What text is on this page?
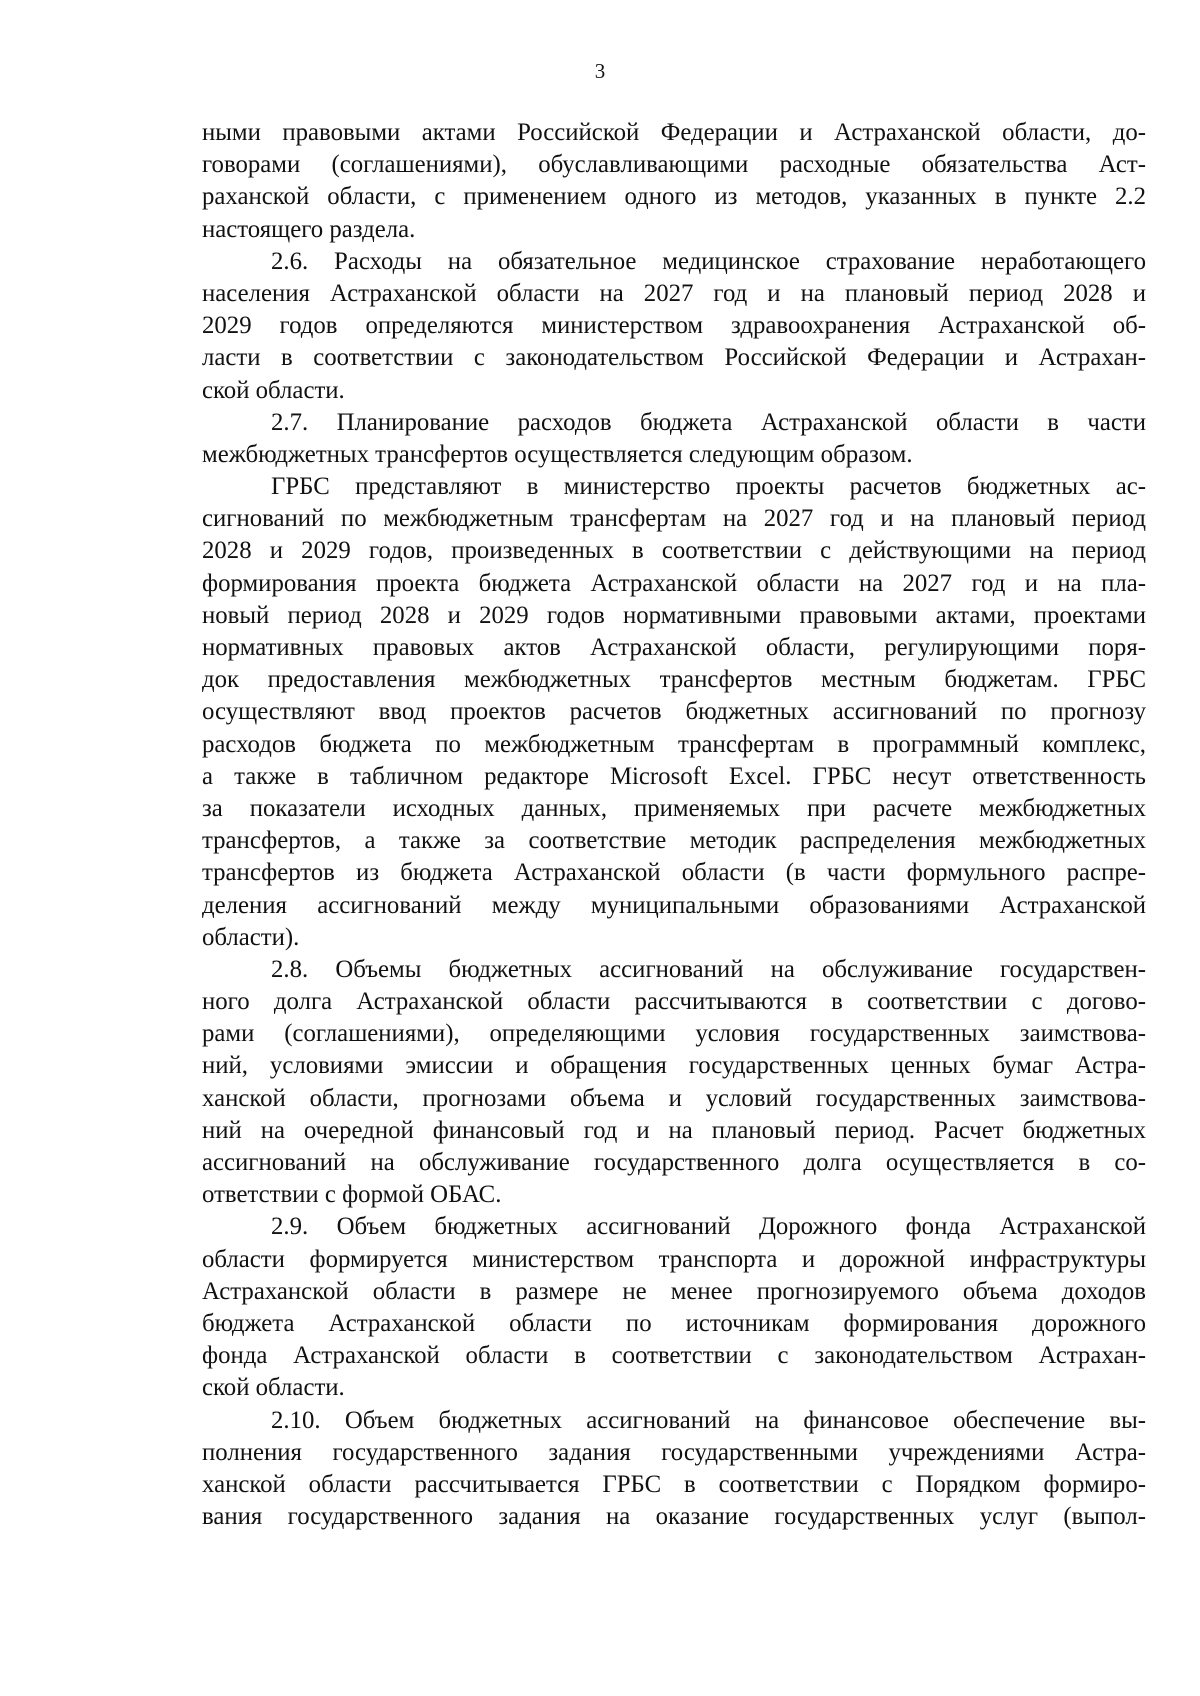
3
ными правовыми актами Российской Федерации и Астраханской области, до-
говорами (соглашениями), обуславливающими расходные обязательства Аст-
раханской области, с применением одного из методов, указанных в пункте 2.2
настоящего раздела.
2.6. Расходы на обязательное медицинское страхование неработающего
населения Астраханской области на 2027 год и на плановый период 2028 и
2029 годов определяются министерством здравоохранения Астраханской об-
ласти в соответствии с законодательством Российской Федерации и Астрахан-
ской области.
2.7. Планирование расходов бюджета Астраханской области в части
межбюджетных трансфертов осуществляется следующим образом.
ГРБС представляют в министерство проекты расчетов бюджетных ас-
сигнований по межбюджетным трансфертам на 2027 год и на плановый период
2028 и 2029 годов, произведенных в соответствии с действующими на период
формирования проекта бюджета Астраханской области на 2027 год и на пла-
новый период 2028 и 2029 годов нормативными правовыми актами, проектами
нормативных правовых актов Астраханской области, регулирующими поря-
док предоставления межбюджетных трансфертов местным бюджетам. ГРБС
осуществляют ввод проектов расчетов бюджетных ассигнований по прогнозу
расходов бюджета по межбюджетным трансфертам в программный комплекс,
а также в табличном редакторе Microsoft Excel. ГРБС несут ответственность
за показатели исходных данных, применяемых при расчете межбюджетных
трансфертов, а также за соответствие методик распределения межбюджетных
трансфертов из бюджета Астраханской области (в части формульного распре-
деления ассигнований между муниципальными образованиями Астраханской
области).
2.8. Объемы бюджетных ассигнований на обслуживание государствен-
ного долга Астраханской области рассчитываются в соответствии с догово-
рами (соглашениями), определяющими условия государственных заимствова-
ний, условиями эмиссии и обращения государственных ценных бумаг Астра-
ханской области, прогнозами объема и условий государственных заимствова-
ний на очередной финансовый год и на плановый период. Расчет бюджетных
ассигнований на обслуживание государственного долга осуществляется в со-
ответствии с формой ОБАС.
2.9. Объем бюджетных ассигнований Дорожного фонда Астраханской
области формируется министерством транспорта и дорожной инфраструктуры
Астраханской области в размере не менее прогнозируемого объема доходов
бюджета Астраханской области по источникам формирования дорожного
фонда Астраханской области в соответствии с законодательством Астрахан-
ской области.
2.10. Объем бюджетных ассигнований на финансовое обеспечение вы-
полнения государственного задания государственными учреждениями Астра-
ханской области рассчитывается ГРБС в соответствии с Порядком формиро-
вания государственного задания на оказание государственных услуг (выпол-
